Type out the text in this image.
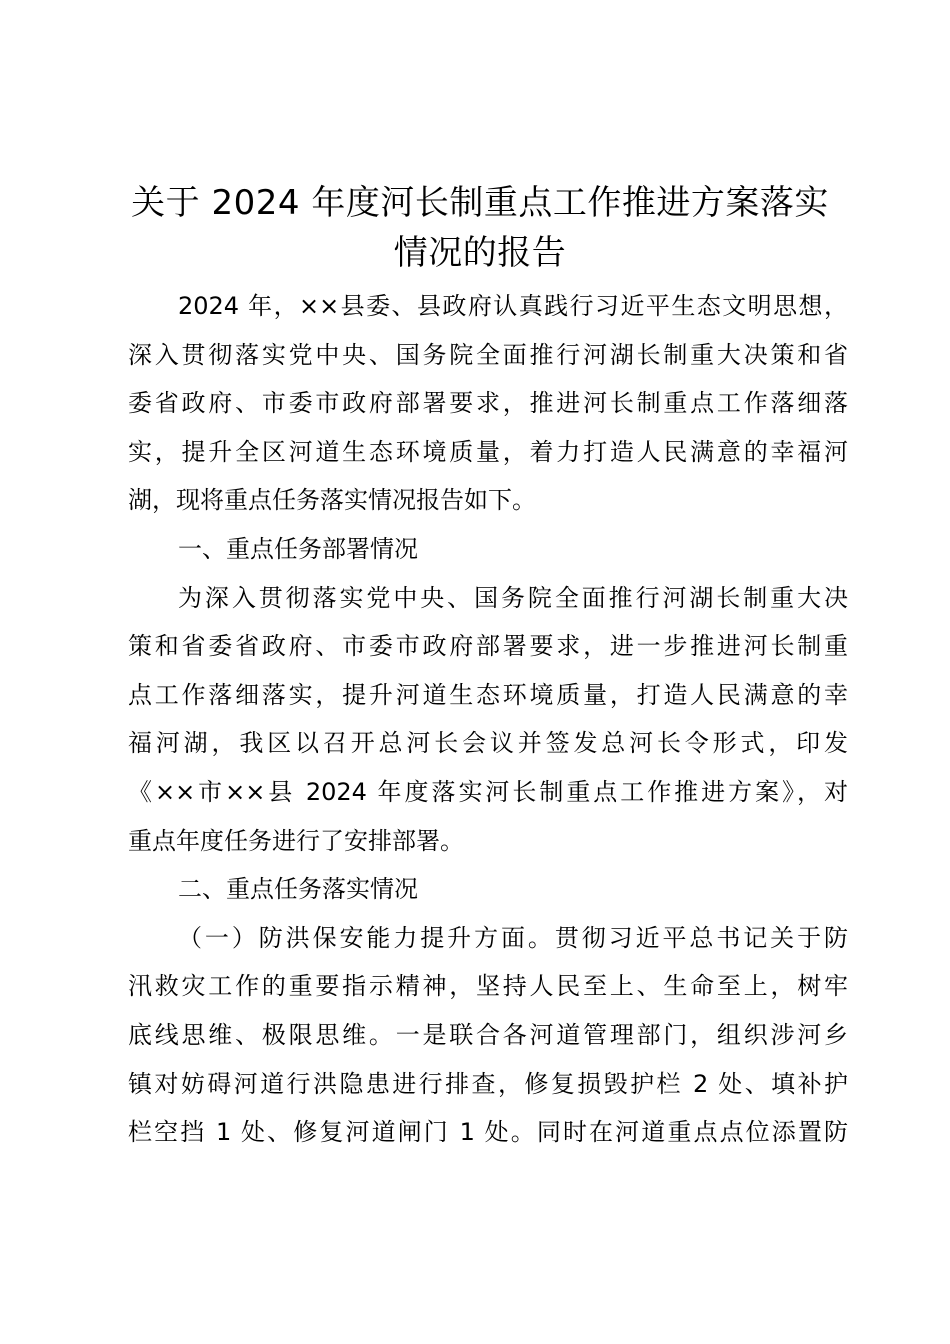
关于 2024 年度河长制重点工作推进方案落实
情况的报告
2024 年，××县委、县政府认真践行习近平生态文明思想，
深入贯彻落实党中央、国务院全面推行河湖长制重大决策和省
委省政府、市委市政府部署要求，推进河长制重点工作落细落
实，提升全区河道生态环境质量，着力打造人民满意的幸福河
湖，现将重点任务落实情况报告如下。
一、重点任务部署情况
为深入贯彻落实党中央、国务院全面推行河湖长制重大决
策和省委省政府、市委市政府部署要求，进一步推进河长制重
点工作落细落实，提升河道生态环境质量，打造人民满意的幸
福河湖，我区以召开总河长会议并签发总河长令形式，印发
《××市××县 2024 年度落实河长制重点工作推进方案》，对
重点年度任务进行了安排部署。
二、重点任务落实情况
（一）防洪保安能力提升方面。贯彻习近平总书记关于防
汛救灾工作的重要指示精神，坚持人民至上、生命至上，树牢
底线思维、极限思维。一是联合各河道管理部门，组织涉河乡
镇对妨碍河道行洪隐患进行排查，修复损毁护栏 2 处、填补护
栏空挡 1 处、修复河道闸门 1 处。同时在河道重点点位添置防
